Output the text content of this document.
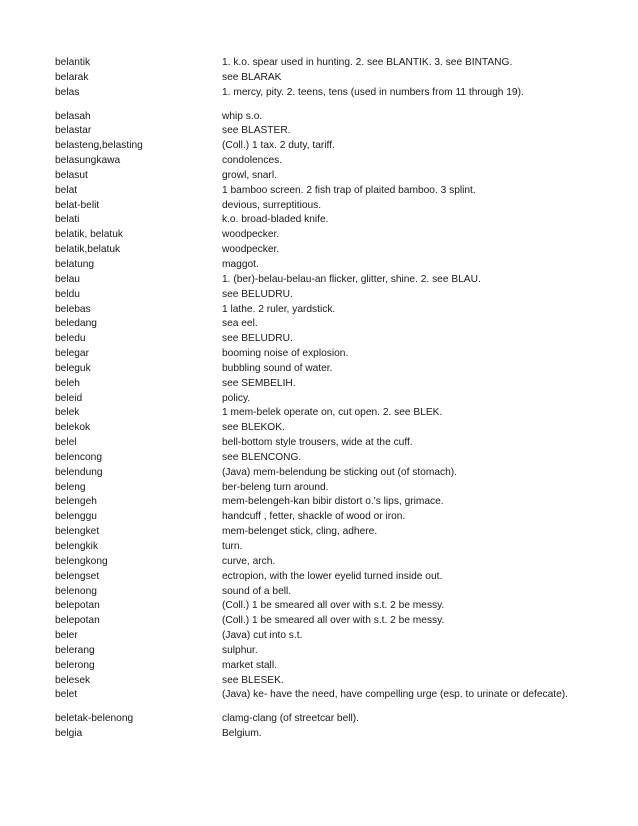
belantik	1. k.o. spear used in hunting. 2. see BLANTIK. 3. see BINTANG.
belarak	see BLARAK
belas	1. mercy, pity. 2. teens, tens (used in numbers from 11 through 19).
belasah	whip s.o.
belastar	see BLASTER.
belasteng,belasting	(Coll.) 1 tax. 2 duty, tariff.
belasungkawa	condolences.
belasut	growl, snarl.
belat	1 bamboo screen. 2 fish trap of plaited bamboo. 3 splint.
belat-belit	devious, surreptitious.
belati	k.o. broad-bladed knife.
belatik, belatuk	woodpecker.
belatik,belatuk	woodpecker.
belatung	maggot.
belau	1. (ber)-belau-belau-an flicker, glitter, shine. 2. see BLAU.
beldu	see BELUDRU.
belebas	1 lathe. 2 ruler, yardstick.
beledang	sea eel.
beledu	see BELUDRU.
belegar	booming noise of explosion.
beleguk	bubbling sound of water.
beleh	see SEMBELIH.
beleid	policy.
belek	1 mem-belek operate on, cut open. 2. see BLEK.
belekok	see BLEKOK.
belel	bell-bottom style trousers, wide at the cuff.
belencong	see BLENCONG.
belendung	(Java) mem-belendung be sticking out (of stomach).
beleng	ber-beleng turn around.
belengeh	mem-belengeh-kan bibir distort o.'s lips, grimace.
belenggu	handcuff , fetter, shackle of wood or iron.
belengket	mem-belenget stick, cling, adhere.
belengkik	turn.
belengkong	curve, arch.
belengset	ectropion, with the lower eyelid turned inside out.
belenong	sound of a bell.
belepotan	(Coll.) 1 be smeared all over with s.t. 2 be messy.
belepotan	(Coll.) 1 be smeared all over with s.t. 2 be messy.
beler	(Java) cut into s.t.
belerang	sulphur.
belerong	market stall.
belesek	see BLESEK.
belet	(Java) ke- have the need, have compelling urge (esp. to urinate or defecate).
beletak-belenong	clamg-clang (of streetcar bell).
belgia	Belgium.
